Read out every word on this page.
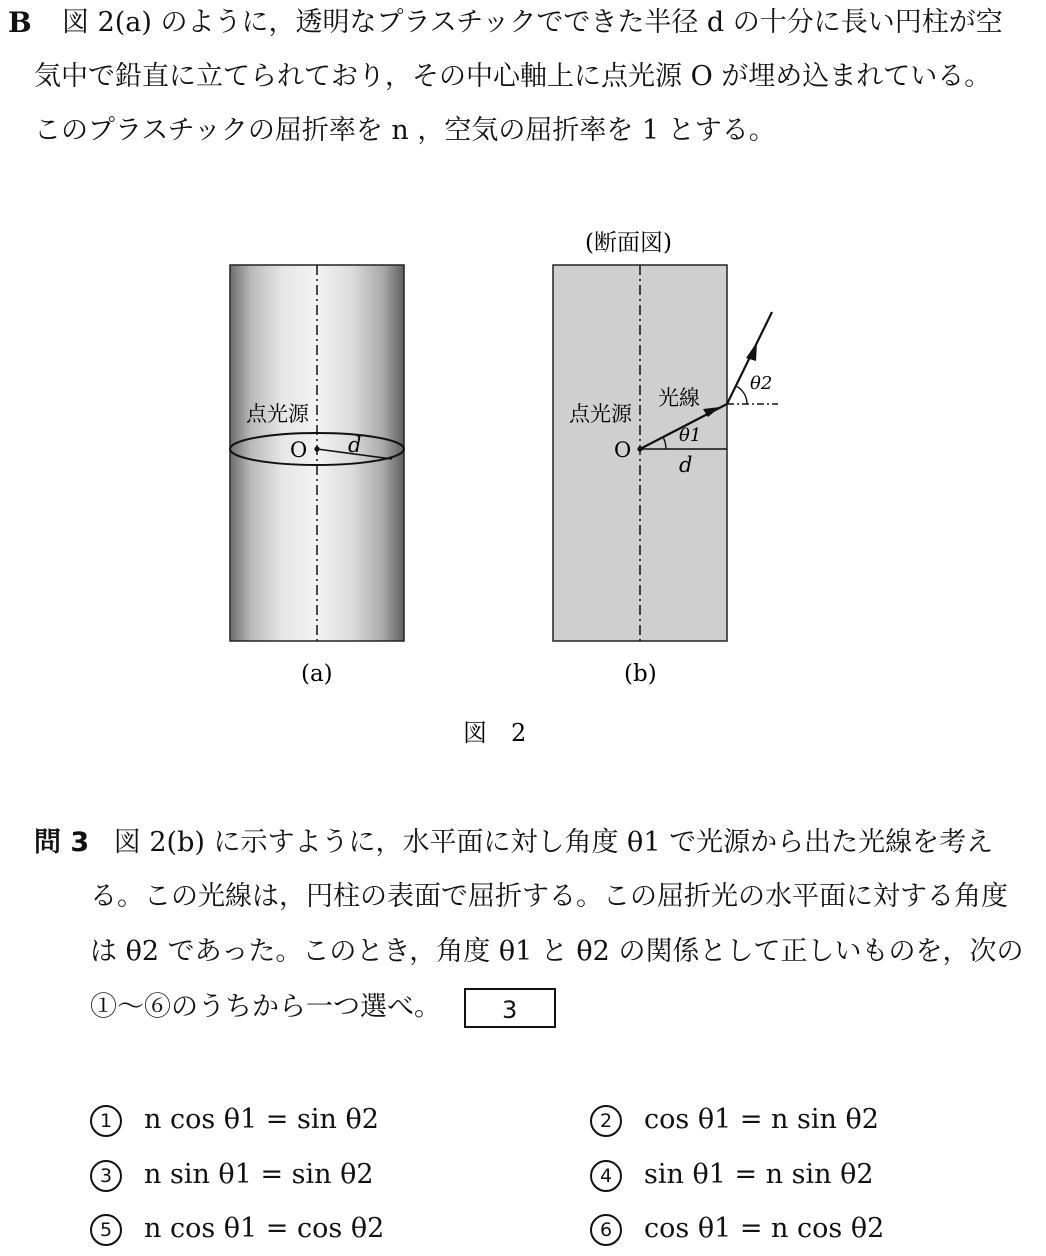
B 図 2(a) のように，透明なプラスチックでできた半径 d の十分に長い円柱が空
気中で鉛直に立てられており，その中心軸上に点光源 O が埋め込まれている。
このプラスチックの屈折率を n ，空気の屈折率を 1 とする。
点光源
O d
(a)
(断面図)
点光源
O
光線
θ1
θ2
d
(b)
図　2
問 3 図 2(b) に示すように，水平面に対し角度 θ1 で光源から出た光線を考え
る。この光線は，円柱の表面で屈折する。この屈折光の水平面に対する角度
は θ2 であった。このとき，角度 θ1 と θ2 の関係として正しいものを，次の
①～⑥のうちから一つ選べ。	3
1 n cos θ1 = sin θ2	2 cos θ1 = n sin θ2
3 n sin θ1 = sin θ2	4 sin θ1 = n sin θ2
5 n cos θ1 = cos θ2	6 cos θ1 = n cos θ2
